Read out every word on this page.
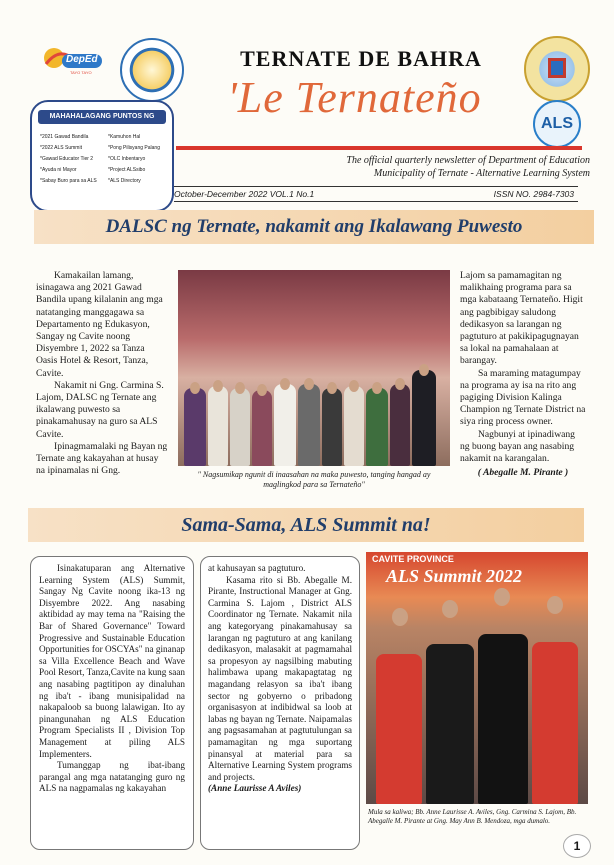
DepEd
TAYO TAYO
ALS
TERNATE DE BAHRA
'Le Ternateño
The official quarterly newsletter of Department of Education
Municipality of Ternate - Alternative Learning System
October-December 2022 VOL.1 No.1	ISSN NO. 2984-7303
MAHAHALAGANG PUNTOS NG BALITA
*2021 Gawad Bandila
*2022 ALS Summit
*Gawad Educator Tier 2
*Ayuda ni Mayor
*Sabay Buro para sa ALS
*Kamuhon Hal
*Pong Pilisyang Palang
*OLC Inbentaryo
*Project ALSsibo
*ALS Directory
DALSC ng Ternate, nakamit ang Ikalawang Puwesto

Kamakailan lamang, isinagawa ang 2021 Gawad Bandila upang kilalanin ang mga natatanging manggagawa sa Departamento ng Edukasyon, Sangay ng Cavite noong Disyembre 1, 2022 sa Tanza Oasis Hotel & Resort, Tanza, Cavite.

Nakamit ni Gng. Carmina S. Lajom, DALSC ng Ternate ang ikalawang puwesto sa pinakamahusay na guro sa ALS Cavite.

Ipinagmamalaki ng Bayan ng Ternate ang kakayahan at husay na ipinamalas ni Gng.	" Nagsumikap ngunit di inaasahan na maka puwesto, tanging hangad ay maglingkod para sa Ternateño"

Lajom sa pamamagitan ng malikhaing programa para sa mga kabataang Ternateño. Higit ang pagbibigay saludong dedikasyon sa larangan ng pagtuturo at pakikipagugnayan sa lokal na pamahalaan at barangay.

Sa maraming matagumpay na programa ay isa na rito ang pagiging Division Kalinga Champion ng Ternate District na siya ring process owner.

Nagbunyi at ipinadiwang ng buong bayan ang nasabing nakamit na karangalan.

( Abegalle M. Pirante )
Sama-Sama, ALS Summit na!

Isinakatuparan ang Alternative Learning System (ALS) Summit, Sangay Ng Cavite noong ika-13 ng Disyembre 2022. Ang nasabing aktibidad ay may tema na "Raising the Bar of Shared Governance" Toward Progressive and Sustainable Education Opportunities for OSCYAs" na ginanap sa Villa Excellence Beach and Wave Pool Resort, Tanza,Cavite na kung saan ang nasabing pagtitipon ay dinaluhan ng iba't - ibang munisipalidad na nakapaloob sa buong lalawigan. Ito ay pinangunahan ng ALS Education Program Specialists II , Division Top Management at piling ALS Implementers.

Tumanggap ng ibat-ibang parangal ang mga natatanging guro ng ALS na nagpamalas ng kakayahan

at kahusayan sa pagtuturo.

Kasama rito si Bb. Abegalle M. Pirante, Instructional Manager at Gng. Carmina S. Lajom , District ALS Coordinator ng Ternate. Nakamit nila ang kategoryang pinakamahusay sa larangan ng pagtuturo at ang kanilang dedikasyon, malasakit at pagmamahal sa propesyon ay nagsilbing mabuting halimbawa upang makapagtatag ng magandang relasyon sa iba't ibang sector ng gobyerno o pribadong organisasyon at indibidwal sa loob at labas ng bayan ng Ternate. Naipamalas ang pagsasamahan at pagtutulungan sa pamamagitan ng mga suportang pinansyal at material para sa Alternative Learning System programs and projects.

(Anne Laurisse A Aviles)
CAVITE PROVINCE
ALS Summit 2022
Mula sa kaliwa; Bb. Anne Laurisse A. Aviles, Gng. Carmina S. Lajom, Bb. Abegalle M. Pirante at Gng. May Ann B. Mendoza, mga dumalo.
1
